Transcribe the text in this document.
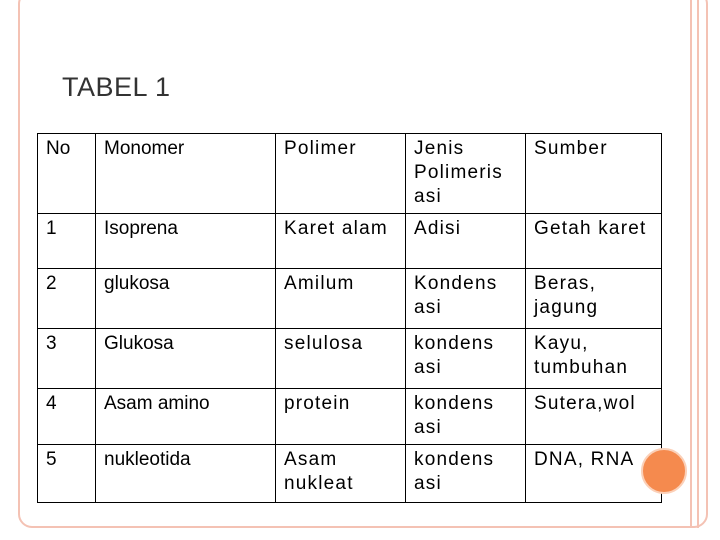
TABEL 1
No	Monomer	Polimer	Jenis Polimeris asi	Sumber
1	Isoprena	Karet alam	Adisi	Getah karet
2	glukosa	Amilum	Kondens asi	Beras, jagung
3	Glukosa	selulosa	kondens asi	Kayu, tumbuhan
4	Asam amino	protein	kondens asi	Sutera,wol
5	nukleotida	Asam nukleat	kondens asi	DNA, RNA
